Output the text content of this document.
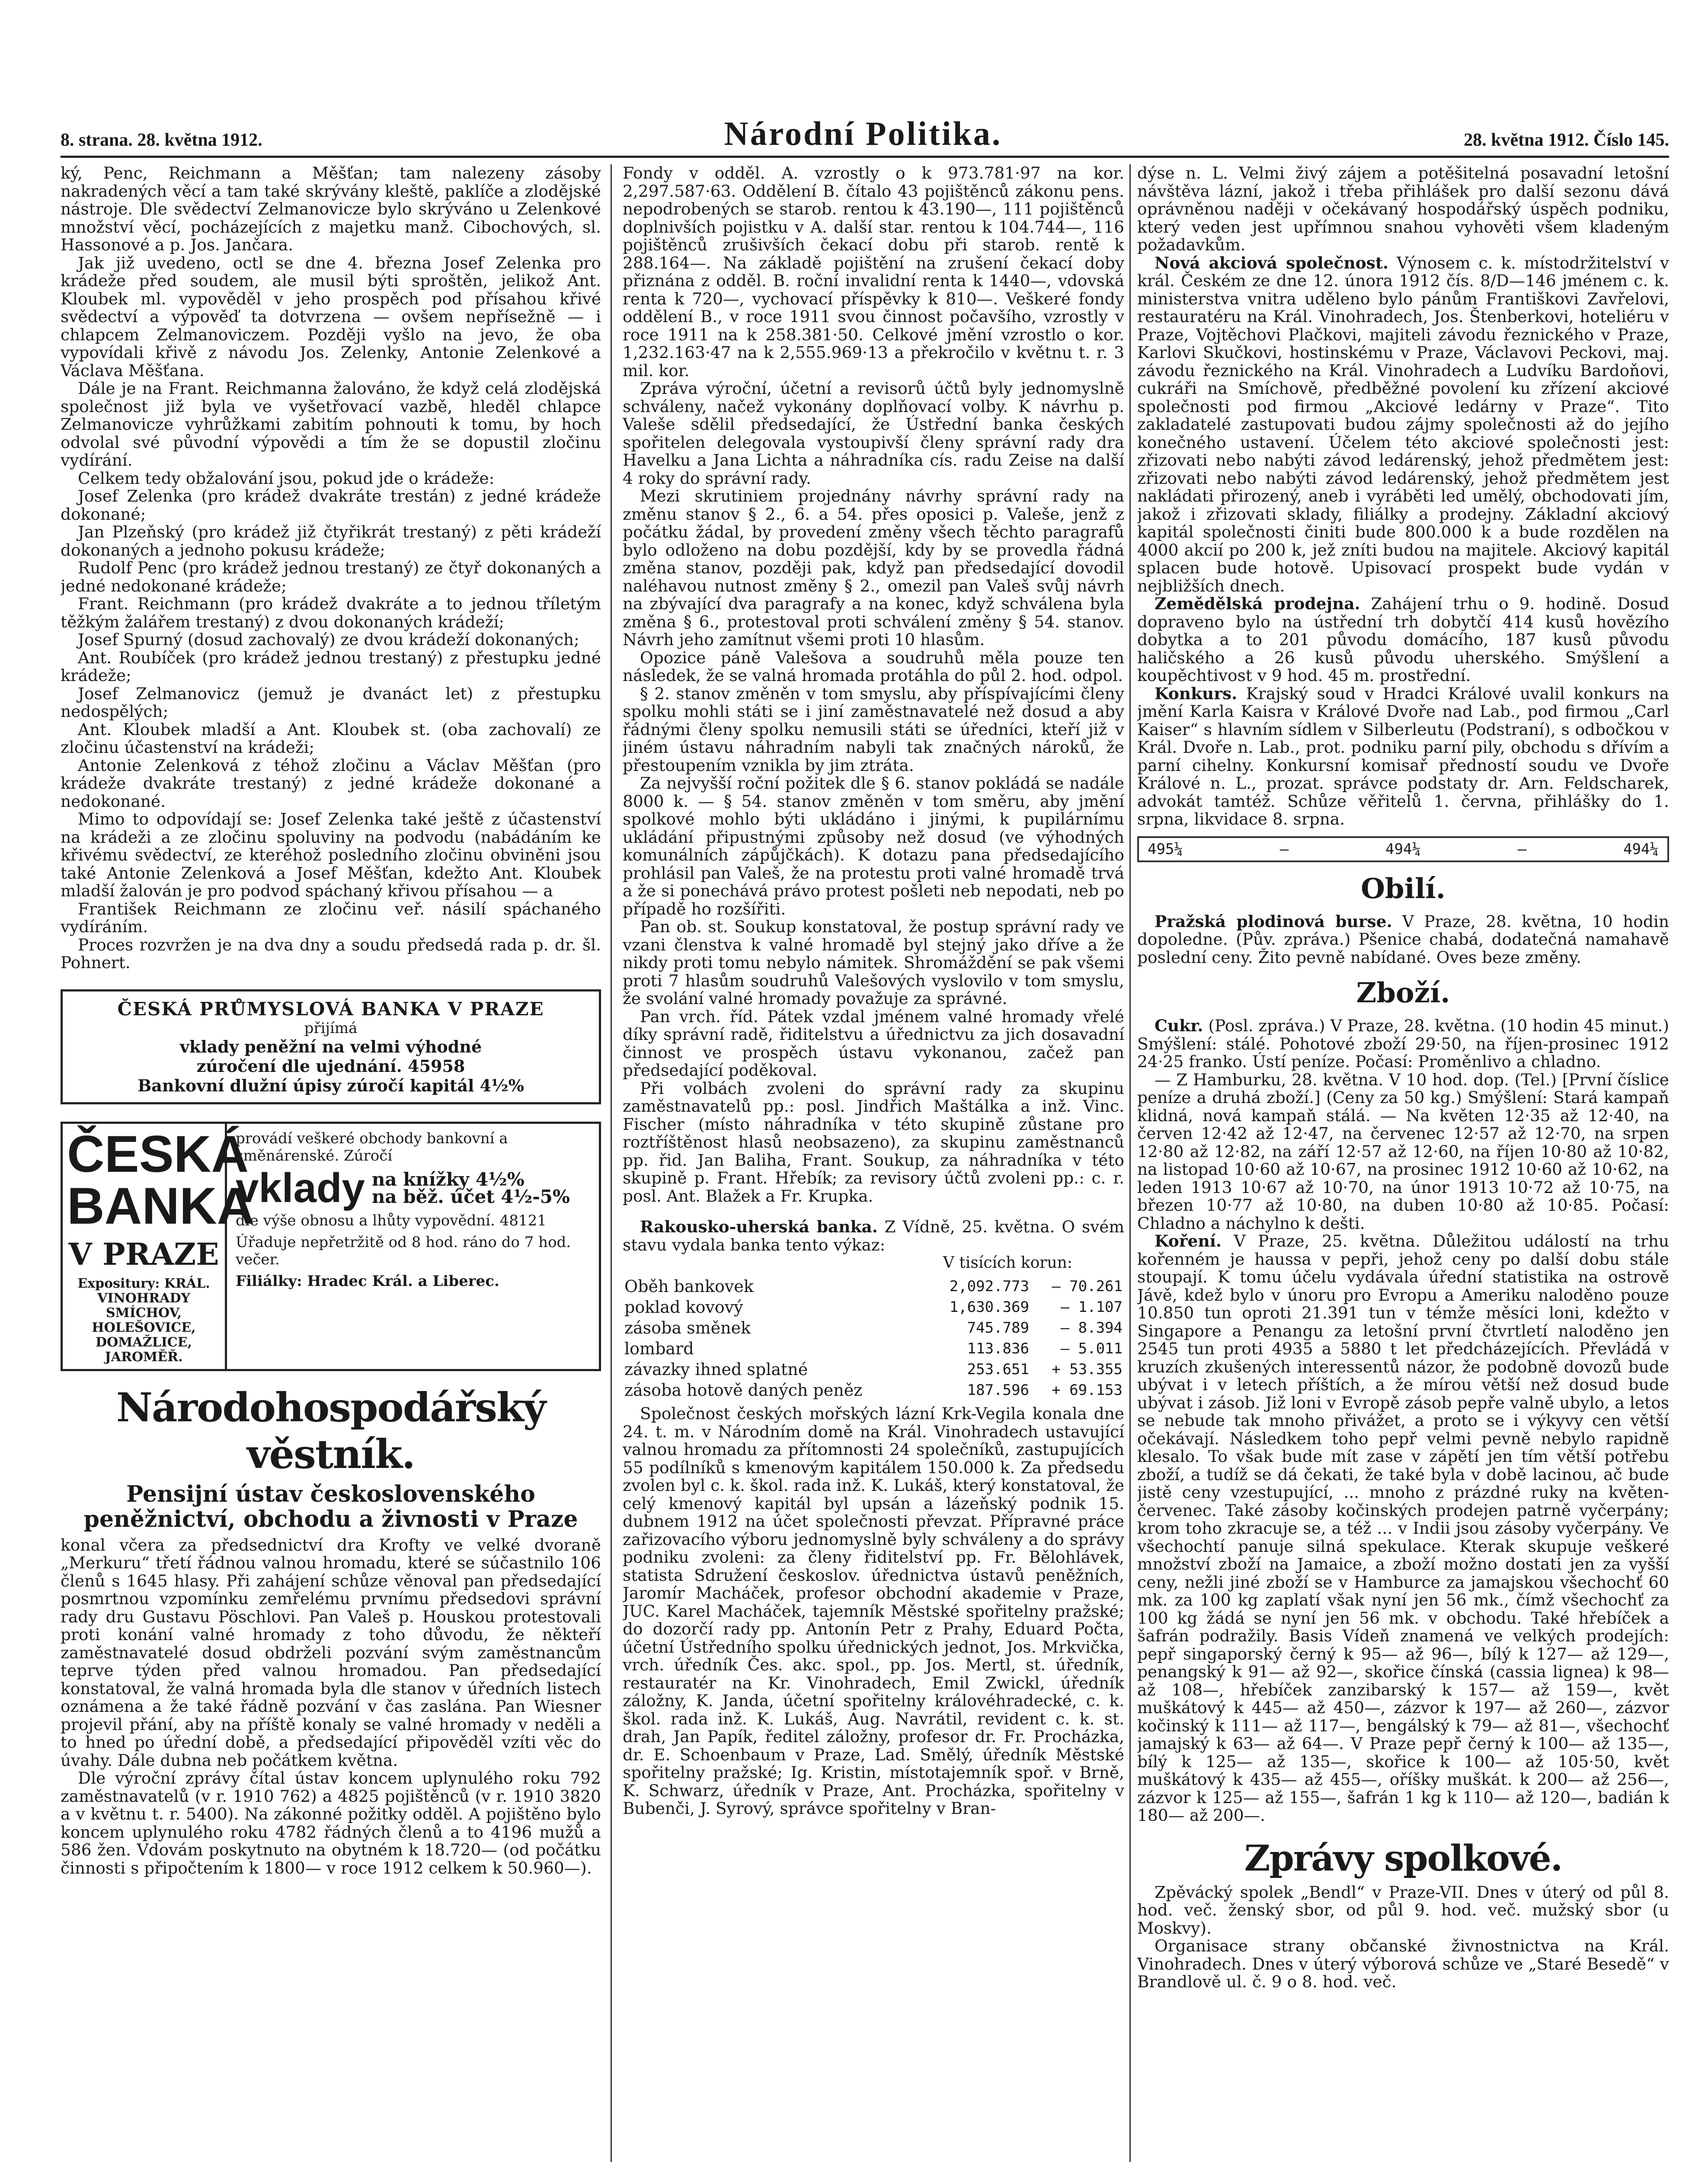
8. strana. 28. května 1912.	Národní Politika.	28. května 1912. Číslo 145.

ký, Penc, Reichmann a Měšťan; tam nalezeny zásoby nakradených věcí a tam také skrývány kleště, paklíče a zlodějské nástroje. Dle svědectví Zelmanovicze bylo skrýváno u Zelenkové množství věcí, pocházejících z majetku manž. Cibochových, sl. Hassonové a p. Jos. Jančara.

Jak již uvedeno, octl se dne 4. března Josef Zelenka pro krádeže před soudem, ale musil býti sproštěn, jelikož Ant. Kloubek ml. vypověděl v jeho prospěch pod přísahou křivé svědectví a výpověď ta dotvrzena — ovšem nepřísežně — i chlapcem Zelmanoviczem. Později vyšlo na jevo, že oba vypovídali křivě z návodu Jos. Zelenky, Antonie Zelenkové a Václava Měšťana.

Dále je na Frant. Reichmanna žalováno, že když celá zlodějská společnost již byla ve vyšetřovací vazbě, hleděl chlapce Zelmanovicze vyhrůžkami zabitím pohnouti k tomu, by hoch odvolal své původní výpovědi a tím že se dopustil zločinu vydírání.

Celkem tedy obžalování jsou, pokud jde o krádeže:

Josef Zelenka (pro krádež dvakráte trestán) z jedné krádeže dokonané;

Jan Plzeňský (pro krádež již čtyřikrát trestaný) z pěti krádeží dokonaných a jednoho pokusu krádeže;

Rudolf Penc (pro krádež jednou trestaný) ze čtyř dokonaných a jedné nedokonané krádeže;

Frant. Reichmann (pro krádež dvakráte a to jednou tříletým těžkým žalářem trestaný) z dvou dokonaných krádeží;

Josef Spurný (dosud zachovalý) ze dvou krádeží dokonaných;

Ant. Roubíček (pro krádež jednou trestaný) z přestupku jedné krádeže;

Josef Zelmanovicz (jemuž je dvanáct let) z přestupku nedospělých;

Ant. Kloubek mladší a Ant. Kloubek st. (oba zachovalí) ze zločinu účastenství na krádeži;

Antonie Zelenková z téhož zločinu a Václav Měšťan (pro krádeže dvakráte trestaný) z jedné krádeže dokonané a nedokonané.

Mimo to odpovídají se: Josef Zelenka také ještě z účastenství na krádeži a ze zločinu spoluviny na podvodu (nabádáním ke křivému svědectví, ze kteréhož posledního zločinu obviněni jsou také Antonie Zelenková a Josef Měšťan, kdežto Ant. Kloubek mladší žalován je pro podvod spáchaný křivou přísahou — a

František Reichmann ze zločinu veř. násilí spáchaného vydíráním.

Proces rozvržen je na dva dny a soudu předsedá rada p. dr. šl. Pohnert.

ČESKÁ PRŮMYSLOVÁ BANKA V PRAZE
přijímá
vklady peněžní na velmi výhodné
zúročení dle ujednání. 45958
Bankovní dlužní úpisy zúročí kapitál 4½%
ČESKÁ
BANKA
V PRAZE
Expositury: KRÁL. VINOHRADY SMÍCHOV, HOLEŠOVICE, DOMAŽLICE, JAROMĚŘ.
provádí veškeré obchody bankovní a směnárenské. Zúročí
vklady na knížky 4½%
na běž. účet 4½-5%
dle výše obnosu a lhůty vypovědní. 48121
Úřaduje nepřetržitě od 8 hod. ráno do 7 hod. večer.
Filiálky: Hradec Král. a Liberec.
Národohospodářský věstník.
Pensijní ústav československého peněžnictví, obchodu a živnosti v Praze

konal včera za předsednictví dra Krofty ve velké dvoraně „Merkuru“ třetí řádnou valnou hromadu, které se súčastnilo 106 členů s 1645 hlasy. Při zahájení schůze věnoval pan předsedající posmrtnou vzpomínku zemřelému prvnímu předsedovi správní rady dru Gustavu Pöschlovi. Pan Valeš p. Houskou protestovali proti konání valné hromady z toho důvodu, že někteří zaměstnavatelé dosud obdrželi pozvání svým zaměstnancům teprve týden před valnou hromadou. Pan předsedající konstatoval, že valná hromada byla dle stanov v úředních listech oznámena a že také řádně pozvání v čas zaslána. Pan Wiesner projevil přání, aby na příště konaly se valné hromady v neděli a to hned po úřední době, a předsedající připověděl vzíti věc do úvahy. Dále dubna neb počátkem května.

Dle výroční zprávy čítal ústav koncem uplynulého roku 792 zaměstnavatelů (v r. 1910 762) a 4825 pojištěnců (v r. 1910 3820 a v květnu t. r. 5400). Na zákonné požitky odděl. A pojištěno bylo koncem uplynulého roku 4782 řádných členů a to 4196 mužů a 586 žen. Vdovám poskytnuto na obytném k 18.720— (od počátku činnosti s připočtením k 1800— v roce 1912 celkem k 50.960—).

Fondy v odděl. A. vzrostly o k 973.781·97 na kor. 2,297.587·63. Oddělení B. čítalo 43 pojištěnců zákonu pens. nepodrobených se starob. rentou k 43.190—, 111 pojištěnců doplnivších pojistku v A. další star. rentou k 104.744—, 116 pojištěnců zrušivších čekací dobu při starob. rentě k 288.164—. Na základě pojištění na zrušení čekací doby přiznána z odděl. B. roční invalidní renta k 1440—, vdovská renta k 720—, vychovací příspěvky k 810—. Veškeré fondy oddělení B., v roce 1911 svou činnost počavšího, vzrostly v roce 1911 na k 258.381·50. Celkové jmění vzrostlo o kor. 1,232.163·47 na k 2,555.969·13 a překročilo v květnu t. r. 3 mil. kor.

Zpráva výroční, účetní a revisorů účtů byly jednomyslně schváleny, načež vykonány doplňovací volby. K návrhu p. Valeše sdělil předsedající, že Ústřední banka českých spořitelen delegovala vystoupivší členy správní rady dra Havelku a Jana Lichta a náhradníka cís. radu Zeise na další 4 roky do správní rady.

Mezi skrutiniem projednány návrhy správní rady na změnu stanov § 2., 6. a 54. přes oposici p. Valeše, jenž z počátku žádal, by provedení změny všech těchto paragrafů bylo odloženo na dobu pozdější, kdy by se provedla řádná změna stanov, později pak, když pan předsedající dovodil naléhavou nutnost změny § 2., omezil pan Valeš svůj návrh na zbývající dva paragrafy a na konec, když schválena byla změna § 6., protestoval proti schválení změny § 54. stanov. Návrh jeho zamítnut všemi proti 10 hlasům.

Opozice páně Valešova a soudruhů měla pouze ten následek, že se valná hromada protáhla do půl 2. hod. odpol.

§ 2. stanov změněn v tom smyslu, aby příspívajícími členy spolku mohli státi se i jiní zaměstnavatelé než dosud a aby řádnými členy spolku nemusili státi se úředníci, kteří již v jiném ústavu náhradním nabyli tak značných nároků, že přestoupením vznikla by jim ztráta.

Za nejvyšší roční požitek dle § 6. stanov pokládá se nadále 8000 k. — § 54. stanov změněn v tom směru, aby jmění spolkové mohlo býti ukládáno i jinými, k pupilárnímu ukládání připustnými způsoby než dosud (ve výhodných komunálních zápůjčkách). K dotazu pana předsedajícího prohlásil pan Valeš, že na protestu proti valné hromadě trvá a že si ponechává právo protest pošleti neb nepodati, neb po případě ho rozšířiti.

Pan ob. st. Soukup konstatoval, že postup správní rady ve vzani členstva k valné hromadě byl stejný jako dříve a že nikdy proti tomu nebylo námitek. Shromáždění se pak všemi proti 7 hlasům soudruhů Valešových vyslovilo v tom smyslu, že svolání valné hromady považuje za správné.

Pan vrch. říd. Pátek vzdal jménem valné hromady vřelé díky správní radě, řiditelstvu a úřednictvu za jich dosavadní činnost ve prospěch ústavu vykonanou, začež pan předsedající poděkoval.

Při volbách zvoleni do správní rady za skupinu zaměstnavatelů pp.: posl. Jindřich Maštálka a inž. Vinc. Fischer (místo náhradníka v této skupině zůstane pro roztříštěnost hlasů neobsazeno), za skupinu zaměstnanců pp. řid. Jan Baliha, Frant. Soukup, za náhradníka v této skupině p. Frant. Hřebík; za revisory účtů zvoleni pp.: c. r. posl. Ant. Blažek a Fr. Krupka.

Rakousko-uherská banka. Z Vídně, 25. května. O svém stavu vydala banka tento výkaz:

V tisících korun:
Oběh bankovek	2,092.773	— 70.261
poklad kovový	1,630.369	— 1.107
zásoba směnek	745.789	— 8.394
lombard	113.836	— 5.011
závazky ihned splatné	253.651	+ 53.355
zásoba hotově daných peněz	187.596	+ 69.153

Společnost českých mořských lázní Krk-Vegila konala dne 24. t. m. v Národním domě na Král. Vinohradech ustavující valnou hromadu za přítomnosti 24 společníků, zastupujících 55 podílníků s kmenovým kapitálem 150.000 k. Za předsedu zvolen byl c. k. škol. rada inž. K. Lukáš, který konstatoval, že celý kmenový kapitál byl upsán a lázeňský podnik 15. dubnem 1912 na účet společnosti převzat. Přípravné práce zařizovacího výboru jednomyslně byly schváleny a do správy podniku zvoleni: za členy řiditelství pp. Fr. Bělohlávek, statista Sdružení českoslov. úřednictva ústavů peněžních, Jaromír Macháček, profesor obchodní akademie v Praze, JUC. Karel Macháček, tajemník Městské spořitelny pražské; do dozorčí rady pp. Antonín Petr z Prahy, Eduard Počta, účetní Ústředního spolku úřednických jednot, Jos. Mrkvička, vrch. úředník Čes. akc. spol., pp. Jos. Mertl, st. úředník, restauratér na Kr. Vinohradech, Emil Zwickl, úředník záložny, K. Janda, účetní spořitelny královéhradecké, c. k. škol. rada inž. K. Lukáš, Aug. Navrátil, revident c. k. st. drah, Jan Papík, ředitel záložny, profesor dr. Fr. Procházka, dr. E. Schoenbaum v Praze, Lad. Smělý, úředník Městské spořitelny pražské; Ig. Kristin, místotajemník spoř. v Brně, K. Schwarz, úředník v Praze, Ant. Procházka, spořitelny v Bubenči, J. Syrový, správce spořitelny v Bran-

dýse n. L. Velmi živý zájem a potěšitelná posavadní letošní návštěva lázní, jakož i třeba přihlášek pro další sezonu dává oprávněnou naději v očekávaný hospodářský úspěch podniku, který veden jest upřímnou snahou vyhověti všem kladeným požadavkům.

Nová akciová společnost. Výnosem c. k. místodržitelství v král. Českém ze dne 12. února 1912 čís. 8/D—146 jménem c. k. ministerstva vnitra uděleno bylo pánům Františkovi Zavřelovi, restauratéru na Král. Vinohradech, Jos. Štenberkovi, hoteliéru v Praze, Vojtěchovi Plačkovi, majiteli závodu řeznického v Praze, Karlovi Skučkovi, hostinskému v Praze, Václavovi Peckovi, maj. závodu řeznického na Král. Vinohradech a Ludvíku Bardoňovi, cukráři na Smíchově, předběžné povolení ku zřízení akciové společnosti pod firmou „Akciové ledárny v Praze“. Tito zakladatelé zastupovati budou zájmy společnosti až do jejího konečného ustavení. Účelem této akciové společnosti jest: zřizovati nebo nabýti závod ledárenský, jehož předmětem jest: zřizovati nebo nabýti závod ledárenský, jehož předmětem jest nakládati přirozený, aneb i vyráběti led umělý, obchodovati jím, jakož i zřizovati sklady, filiálky a prodejny. Základní akciový kapitál společnosti činiti bude 800.000 k a bude rozdělen na 4000 akcií po 200 k, jež zníti budou na majitele. Akciový kapitál splacen bude hotově. Upisovací prospekt bude vydán v nejbližších dnech.

Zemědělská prodejna. Zahájení trhu o 9. hodině. Dosud dopraveno bylo na ústřední trh dobytčí 414 kusů hovězího dobytka a to 201 původu domácího, 187 kusů původu haličského a 26 kusů původu uherského. Smýšlení a koupěchtivost v 9 hod. 45 m. prostřední.

Konkurs. Krajský soud v Hradci Králové uvalil konkurs na jmění Karla Kaisra v Králové Dvoře nad Lab., pod firmou „Carl Kaiser“ s hlavním sídlem v Silberleutu (Podstraní), s odbočkou v Král. Dvoře n. Lab., prot. podniku parní pily, obchodu s dřívím a parní cihelny. Konkursní komisař předností soudu ve Dvoře Králové n. L., prozat. správce podstaty dr. Arn. Feldscharek, advokát tamtéž. Schůze věřitelů 1. června, přihlášky do 1. srpna, likvidace 8. srpna.

495¼	—	494¼	—	494¼
Obilí.

Pražská plodinová burse. V Praze, 28. května, 10 hodin dopoledne. (Pův. zpráva.) Pšenice chabá, dodatečná namahavě poslední ceny. Žito pevně nabídané. Oves beze změny.

Zboží.

Cukr. (Posl. zpráva.) V Praze, 28. května. (10 hodin 45 minut.) Smýšlení: stálé. Pohotové zboží 29·50, na říjen-prosinec 1912 24·25 franko. Ústí peníze. Počasí: Proměnlivo a chladno.

— Z Hamburku, 28. května. V 10 hod. dop. (Tel.) [První číslice peníze a druhá zboží.] (Ceny za 50 kg.) Smýšlení: Stará kampaň klidná, nová kampaň stálá. — Na květen 12·35 až 12·40, na červen 12·42 až 12·47, na červenec 12·57 až 12·70, na srpen 12·80 až 12·82, na září 12·57 až 12·60, na říjen 10·80 až 10·82, na listopad 10·60 až 10·67, na prosinec 1912 10·60 až 10·62, na leden 1913 10·67 až 10·70, na únor 1913 10·72 až 10·75, na březen 10·77 až 10·80, na duben 10·80 až 10·85. Počasí: Chladno a náchylno k dešti.

Koření. V Praze, 25. května. Důležitou událostí na trhu kořenném je haussa v pepři, jehož ceny po další dobu stále stoupají. K tomu účelu vydávala úřední statistika na ostrově Jávě, kdež bylo v únoru pro Evropu a Ameriku naloděno pouze 10.850 tun oproti 21.391 tun v témže měsíci loni, kdežto v Singapore a Penangu za letošní první čtvrtletí naloděno jen 2545 tun proti 4935 a 5880 t let předcházejících. Převládá v kruzích zkušených interessentů názor, že podobně dovozů bude ubývat i v letech příštích, a že mírou větší než dosud bude ubývat i zásob. Již loni v Evropě zásob pepře valně ubylo, a letos se nebude tak mnoho přivážet, a proto se i výkyvy cen větší očekávají. Následkem toho pepř velmi pevně nebylo rapidně klesalo. To však bude mít zase v zápětí jen tím větší potřebu zboží, a tudíž se dá čekati, že také byla v době lacinou, ač bude jistě ceny vzestupující, ... mnoho z prázdné ruky na květen-červenec. Také zásoby kočinských prodejen patrně vyčerpány; krom toho zkracuje se, a též ... v Indii jsou zásoby vyčerpány. Ve všechochtí panuje silná spekulace. Kterak skupuje veškeré množství zboží na Jamaice, a zboží možno dostati jen za vyšší ceny, nežli jiné zboží se v Hamburce za jamajskou všechochť 60 mk. za 100 kg zaplatí však nyní jen 56 mk., čímž všechochť za 100 kg žádá se nyní jen 56 mk. v obchodu. Také hřebíček a šafrán podražily. Basis Vídeň znamená ve velkých prodejích: pepř singaporský černý k 95— až 96—, bílý k 127— až 129—, penangský k 91— až 92—, skořice čínská (cassia lignea) k 98— až 108—, hřebíček zanzibarský k 157— až 159—, květ muškátový k 445— až 450—, zázvor k 197— až 260—, zázvor kočinský k 111— až 117—, bengálský k 79— až 81—, všechochť jamajský k 63— až 64—. V Praze pepř černý k 100— až 135—, bílý k 125— až 135—, skořice k 100— až 105·50, květ muškátový k 435— až 455—, oříšky muškát. k 200— až 256—, zázvor k 125— až 155—, šafrán 1 kg k 110— až 120—, badián k 180— až 200—.

Zprávy spolkové.

Zpěvácký spolek „Bendl“ v Praze-VII. Dnes v úterý od půl 8. hod. več. ženský sbor, od půl 9. hod. več. mužský sbor (u Moskvy).

Organisace strany občanské živnostnictva na Král. Vinohradech. Dnes v úterý výborová schůze ve „Staré Besedě“ v Brandlově ul. č. 9 o 8. hod. več.
